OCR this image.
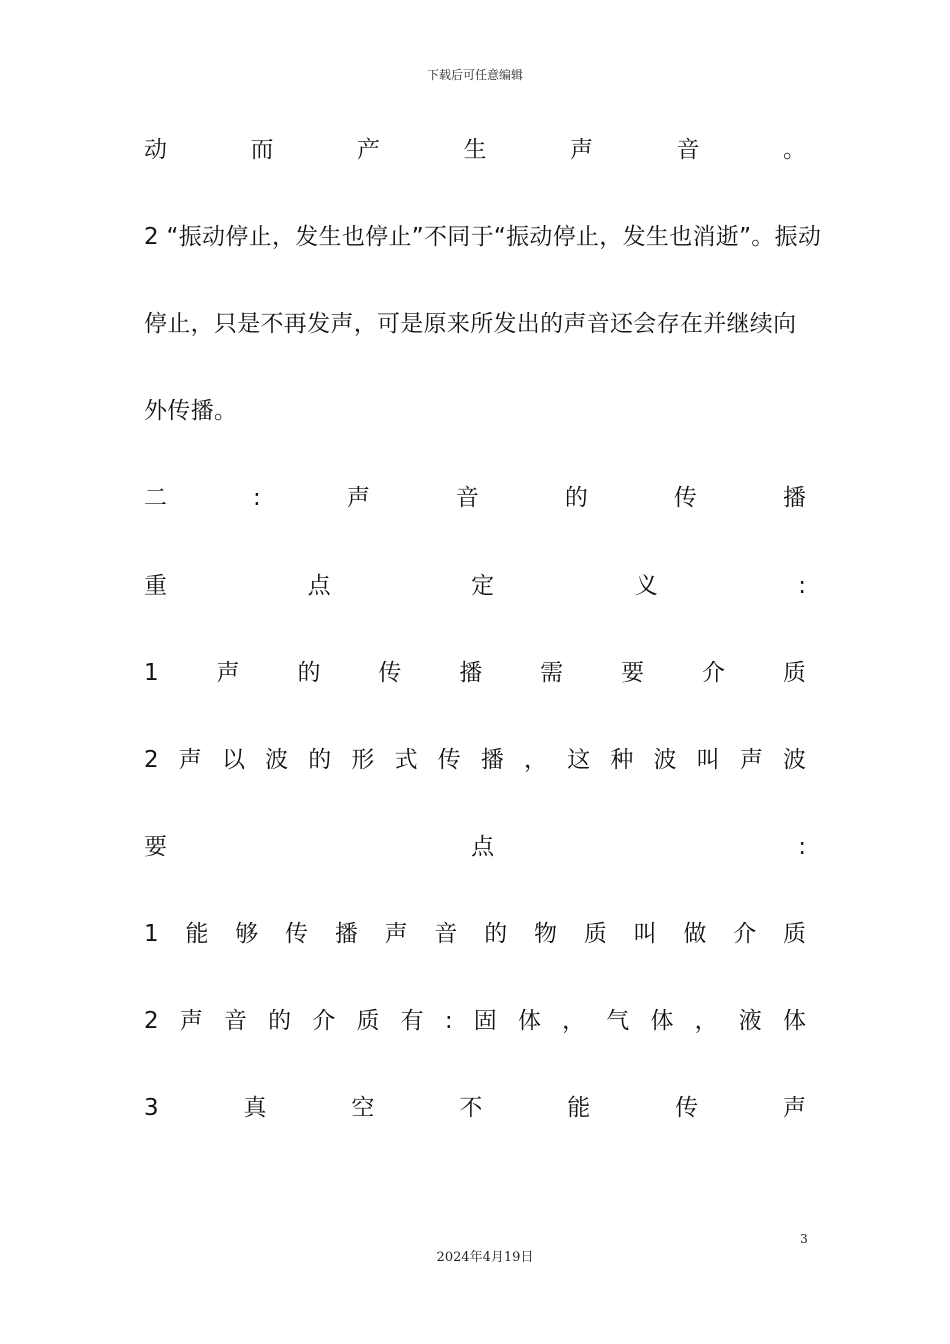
下载后可任意编辑
动	而	产	生	声	音	。
2 “振动停止，发生也停止”不同于“振动停止，发生也消逝”。振动
停止，只是不再发声，可是原来所发出的声音还会存在并继续向
外传播。
二	:	声	音	的	传	播
重	点	定	义	:
1	声	的	传	播	需	要	介	质
2 声 以 波 的 形 式 传 播 ， 这 种 波 叫 声 波
要	点	:
1 能 够 传 播 声 音 的 物 质 叫 做 介 质
2 声 音 的 介 质 有 : 固 体 ， 气 体 ， 液 体
3	真	空	不	能	传	声
3
2024年4月19日
